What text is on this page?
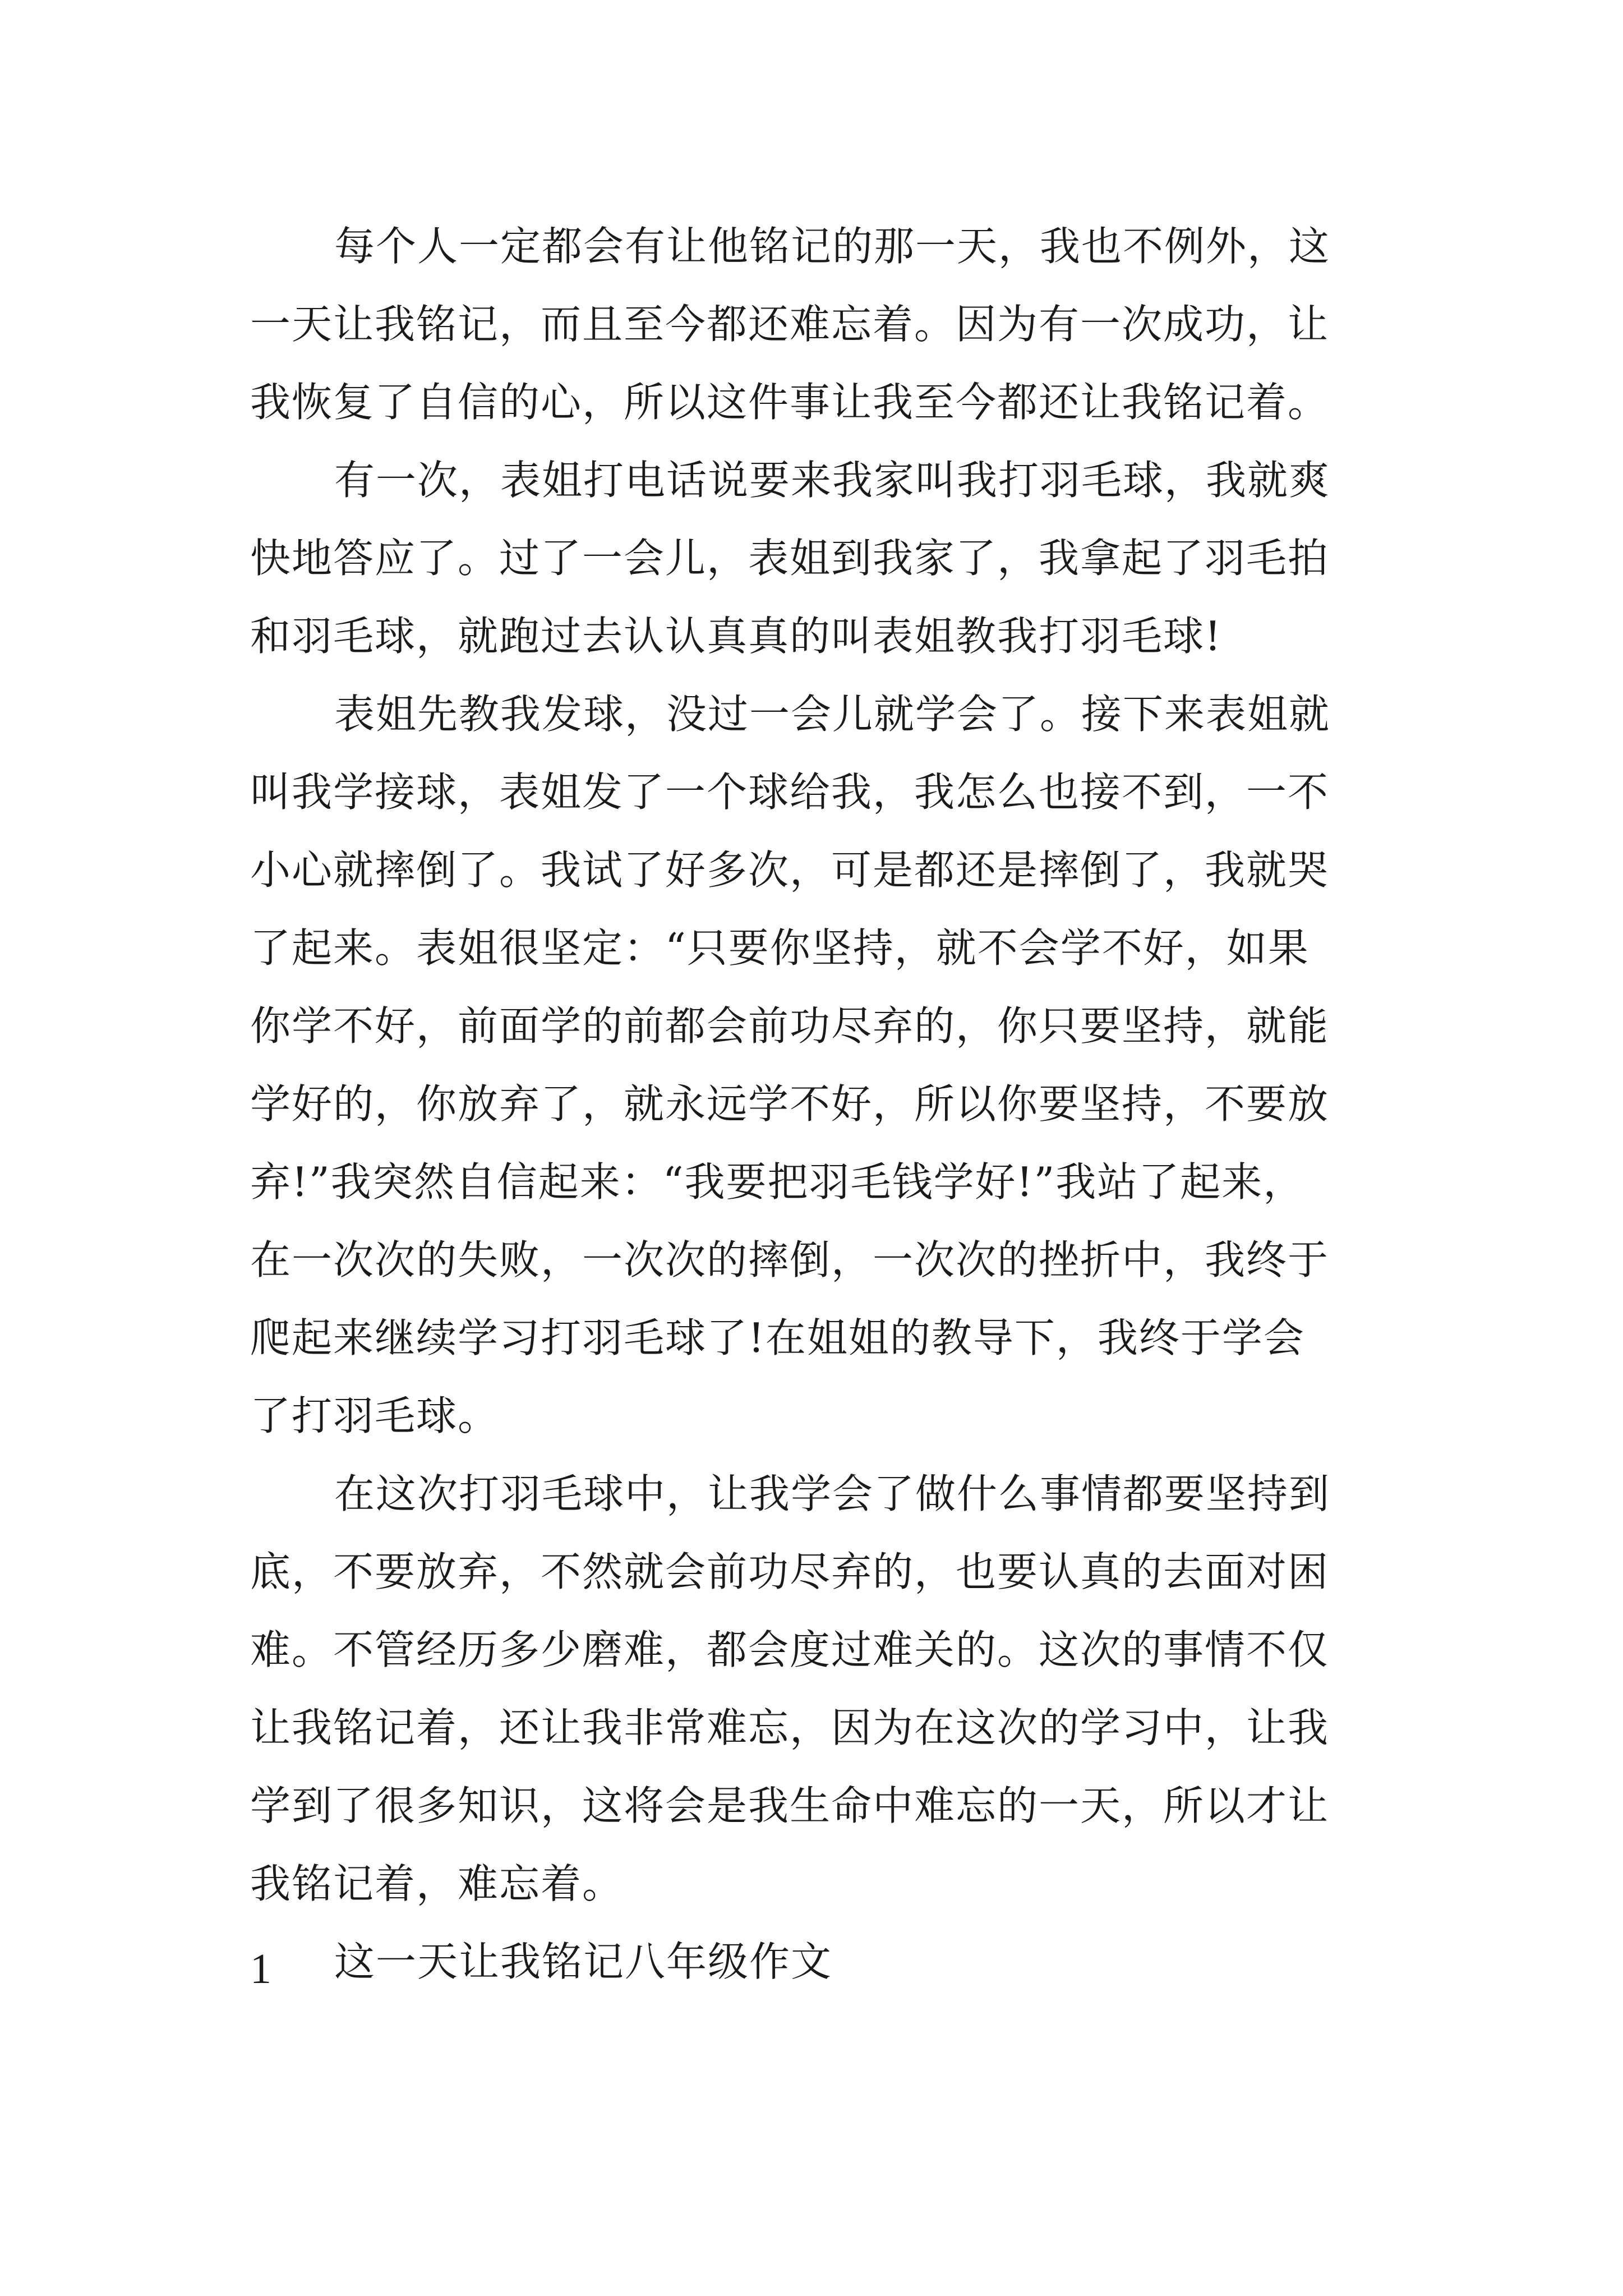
每个人一定都会有让他铭记的那一天，我也不例外，这
一天让我铭记，而且至今都还难忘着。因为有一次成功，让
我恢复了自信的心，所以这件事让我至今都还让我铭记着。
有一次，表姐打电话说要来我家叫我打羽毛球，我就爽
快地答应了。过了一会儿，表姐到我家了，我拿起了羽毛拍
和羽毛球，就跑过去认认真真的叫表姐教我打羽毛球!
表姐先教我发球，没过一会儿就学会了。接下来表姐就
叫我学接球，表姐发了一个球给我，我怎么也接不到，一不
小心就摔倒了。我试了好多次，可是都还是摔倒了，我就哭
了起来。表姐很坚定：“只要你坚持，就不会学不好，如果
你学不好，前面学的前都会前功尽弃的，你只要坚持，就能
学好的，你放弃了，就永远学不好，所以你要坚持，不要放
弃!”我突然自信起来：“我要把羽毛钱学好!”我站了起来，
在一次次的失败，一次次的摔倒，一次次的挫折中，我终于
爬起来继续学习打羽毛球了!在姐姐的教导下，我终于学会
了打羽毛球。
在这次打羽毛球中，让我学会了做什么事情都要坚持到
底，不要放弃，不然就会前功尽弃的，也要认真的去面对困
难。不管经历多少磨难，都会度过难关的。这次的事情不仅
让我铭记着，还让我非常难忘，因为在这次的学习中，让我
学到了很多知识，这将会是我生命中难忘的一天，所以才让
我铭记着，难忘着。
这一天让我铭记八年级作文
1
